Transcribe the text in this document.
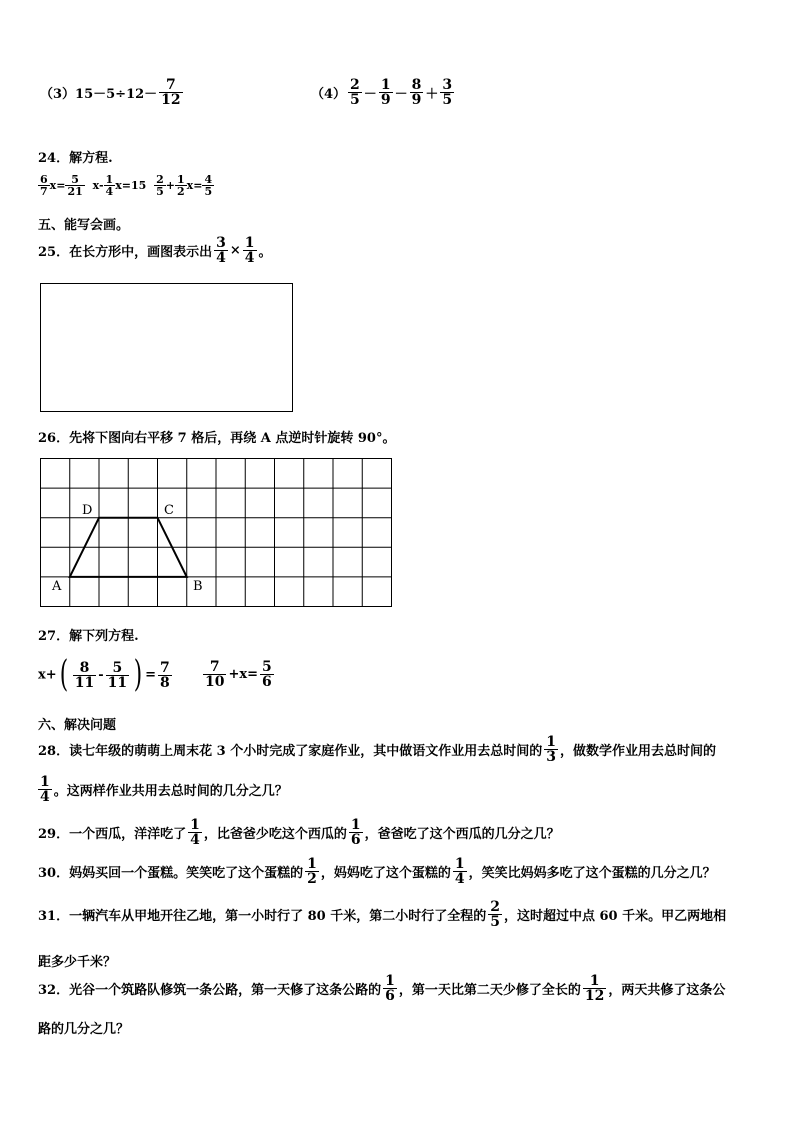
$(3)15-5\div 12- \frac{7}{12}$	$(4) \frac{2}{5} - \frac{1}{9} - \frac{8}{9} + \frac{3}{5}$
24．解方程.
$\frac{6}{7} x= \frac{5}{21} x- \frac{1}{4} x=15 \frac{2}{5} + \frac{1}{2} x= \frac{4}{5}$
五、能写会画。
25．在长方形中，画图表示出 $\frac{3}{4} \times \frac{1}{4}$ 。
26．先将下图向右平移 7 格后，再绕 A 点逆时针旋转 90°。
A	B
C
D
27．解下列方程.
$x+( \frac{8}{11} - \frac{5}{11}$ ) = $\frac{7}{8} \frac{7}{10} +x= \frac{5}{6}$
六、解决问题
28．读七年级的萌萌上周末花 3 个小时完成了家庭作业，其中做语文作业用去总时间的 $\frac{1}{3}$ ，做数学作业用去总时间的
$\frac{1}{4}$ 。这两样作业共用去总时间的几分之几？
29．一个西瓜，洋洋吃了 $\frac{1}{4}$ ，比爸爸少吃这个西瓜的 $\frac{1}{6}$ ，爸爸吃了这个西瓜的几分之几？
30．妈妈买回一个蛋糕。笑笑吃了这个蛋糕的 $\frac{1}{2}$ ，妈妈吃了这个蛋糕的 $\frac{1}{4}$ ，笑笑比妈妈多吃了这个蛋糕的几分之几？
31．一辆汽车从甲地开往乙地，第一小时行了 80 千米，第二小时行了全程的 $\frac{2}{5}$ ，这时超过中点 60 千米。甲乙两地相
距多少千米？
32．光谷一个筑路队修筑一条公路，第一天修了这条公路的 $\frac{1}{6}$ ，第一天比第二天少修了全长的 $\frac{1}{12}$ ，两天共修了这条公
路的几分之几？
